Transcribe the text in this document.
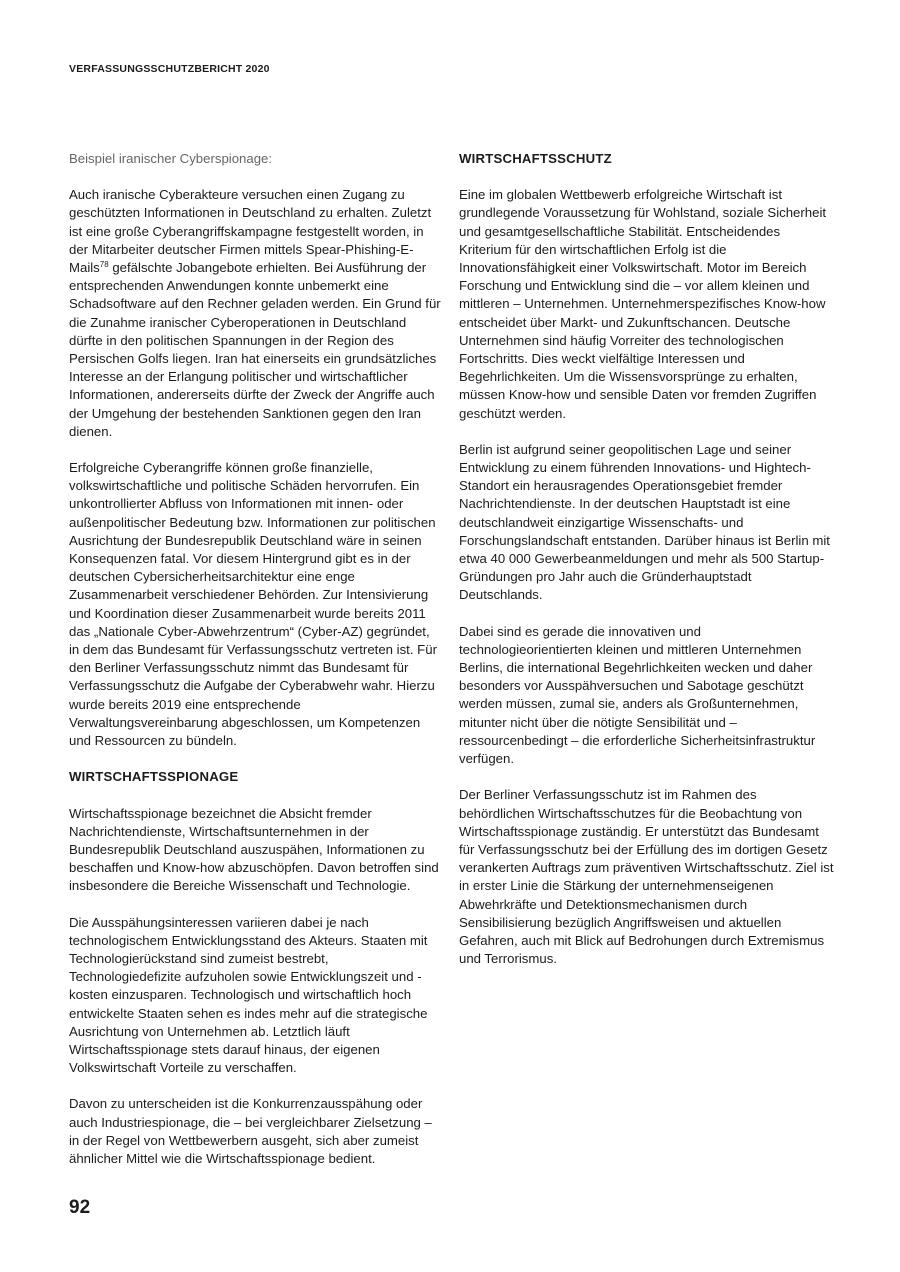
VERFASSUNGSSCHUTZBERICHT 2020

Beispiel iranischer Cyberspionage:

Auch iranische Cyberakteure versuchen einen Zugang zu geschützten Informationen in Deutschland zu erhalten. Zuletzt ist eine große Cyberangriffskampagne festgestellt worden, in der Mitarbeiter deutscher Firmen mittels Spear-Phishing-E-Mails$^{78}$ gefälschte Jobangebote erhielten. Bei Ausführung der entsprechenden Anwendungen konnte unbemerkt eine Schadsoftware auf den Rechner geladen werden. Ein Grund für die Zunahme iranischer Cyberoperationen in Deutschland dürfte in den politischen Spannungen in der Region des Persischen Golfs liegen. Iran hat einerseits ein grundsätzliches Interesse an der Erlangung politischer und wirtschaftlicher Informationen, andererseits dürfte der Zweck der Angriffe auch der Umgehung der bestehenden Sanktionen gegen den Iran dienen.

Erfolgreiche Cyberangriffe können große finanzielle, volkswirtschaftliche und politische Schäden hervorrufen. Ein unkontrollierter Abfluss von Informationen mit innen- oder außenpolitischer Bedeutung bzw. Informationen zur politischen Ausrichtung der Bundesrepublik Deutschland wäre in seinen Konsequenzen fatal. Vor diesem Hintergrund gibt es in der deutschen Cybersicherheitsarchitektur eine enge Zusammenarbeit verschiedener Behörden. Zur Intensivierung und Koordination dieser Zusammenarbeit wurde bereits 2011 das „Nationale Cyber-Abwehrzentrum“ (Cyber-AZ) gegründet, in dem das Bundesamt für Verfassungsschutz vertreten ist. Für den Berliner Verfassungsschutz nimmt das Bundesamt für Verfassungsschutz die Aufgabe der Cyberabwehr wahr. Hierzu wurde bereits 2019 eine entsprechende Verwaltungsvereinbarung abgeschlossen, um Kompetenzen und Ressourcen zu bündeln.

WIRTSCHAFTSSPIONAGE

Wirtschaftsspionage bezeichnet die Absicht fremder Nachrichtendienste, Wirtschaftsunternehmen in der Bundesrepublik Deutschland auszuspähen, Informationen zu beschaffen und Know-how abzuschöpfen. Davon betroffen sind insbesondere die Bereiche Wissenschaft und Technologie.

Die Ausspähungsinteressen variieren dabei je nach technologischem Entwicklungsstand des Akteurs. Staaten mit Technologierückstand sind zumeist bestrebt, Technologiedefizite aufzuholen sowie Entwicklungszeit und -kosten einzusparen. Technologisch und wirtschaftlich hoch entwickelte Staaten sehen es indes mehr auf die strategische Ausrichtung von Unternehmen ab. Letztlich läuft Wirtschaftsspionage stets darauf hinaus, der eigenen Volkswirtschaft Vorteile zu verschaffen.

Davon zu unterscheiden ist die Konkurrenzausspähung oder auch Industriespionage, die – bei vergleichbarer Zielsetzung – in der Regel von Wettbewerbern ausgeht, sich aber zumeist ähnlicher Mittel wie die Wirtschaftsspionage bedient.

WIRTSCHAFTSSCHUTZ

Eine im globalen Wettbewerb erfolgreiche Wirtschaft ist grundlegende Voraussetzung für Wohlstand, soziale Sicherheit und gesamtgesellschaftliche Stabilität. Entscheidendes Kriterium für den wirtschaftlichen Erfolg ist die Innovationsfähigkeit einer Volkswirtschaft. Motor im Bereich Forschung und Entwicklung sind die – vor allem kleinen und mittleren – Unternehmen. Unternehmerspezifisches Know-how entscheidet über Markt- und Zukunftschancen. Deutsche Unternehmen sind häufig Vorreiter des technologischen Fortschritts. Dies weckt vielfältige Interessen und Begehrlichkeiten. Um die Wissensvorsprünge zu erhalten, müssen Know-how und sensible Daten vor fremden Zugriffen geschützt werden.

Berlin ist aufgrund seiner geopolitischen Lage und seiner Entwicklung zu einem führenden Innovations- und Hightech-Standort ein herausragendes Operationsgebiet fremder Nachrichtendienste. In der deutschen Hauptstadt ist eine deutschlandweit einzigartige Wissenschafts- und Forschungslandschaft entstanden. Darüber hinaus ist Berlin mit etwa 40 000 Gewerbeanmeldungen und mehr als 500 Startup-Gründungen pro Jahr auch die Gründerhauptstadt Deutschlands.

Dabei sind es gerade die innovativen und technologieorientierten kleinen und mittleren Unternehmen Berlins, die international Begehrlichkeiten wecken und daher besonders vor Ausspähversuchen und Sabotage geschützt werden müssen, zumal sie, anders als Großunternehmen, mitunter nicht über die nötigte Sensibilität und – ressourcenbedingt – die erforderliche Sicherheitsinfrastruktur verfügen.

Der Berliner Verfassungsschutz ist im Rahmen des behördlichen Wirtschaftsschutzes für die Beobachtung von Wirtschaftsspionage zuständig. Er unterstützt das Bundesamt für Verfassungsschutz bei der Erfüllung des im dortigen Gesetz verankerten Auftrags zum präventiven Wirtschaftsschutz. Ziel ist in erster Linie die Stärkung der unternehmenseigenen Abwehrkräfte und Detektionsmechanismen durch Sensibilisierung bezüglich Angriffsweisen und aktuellen Gefahren, auch mit Blick auf Bedrohungen durch Extremismus und Terrorismus.

92
